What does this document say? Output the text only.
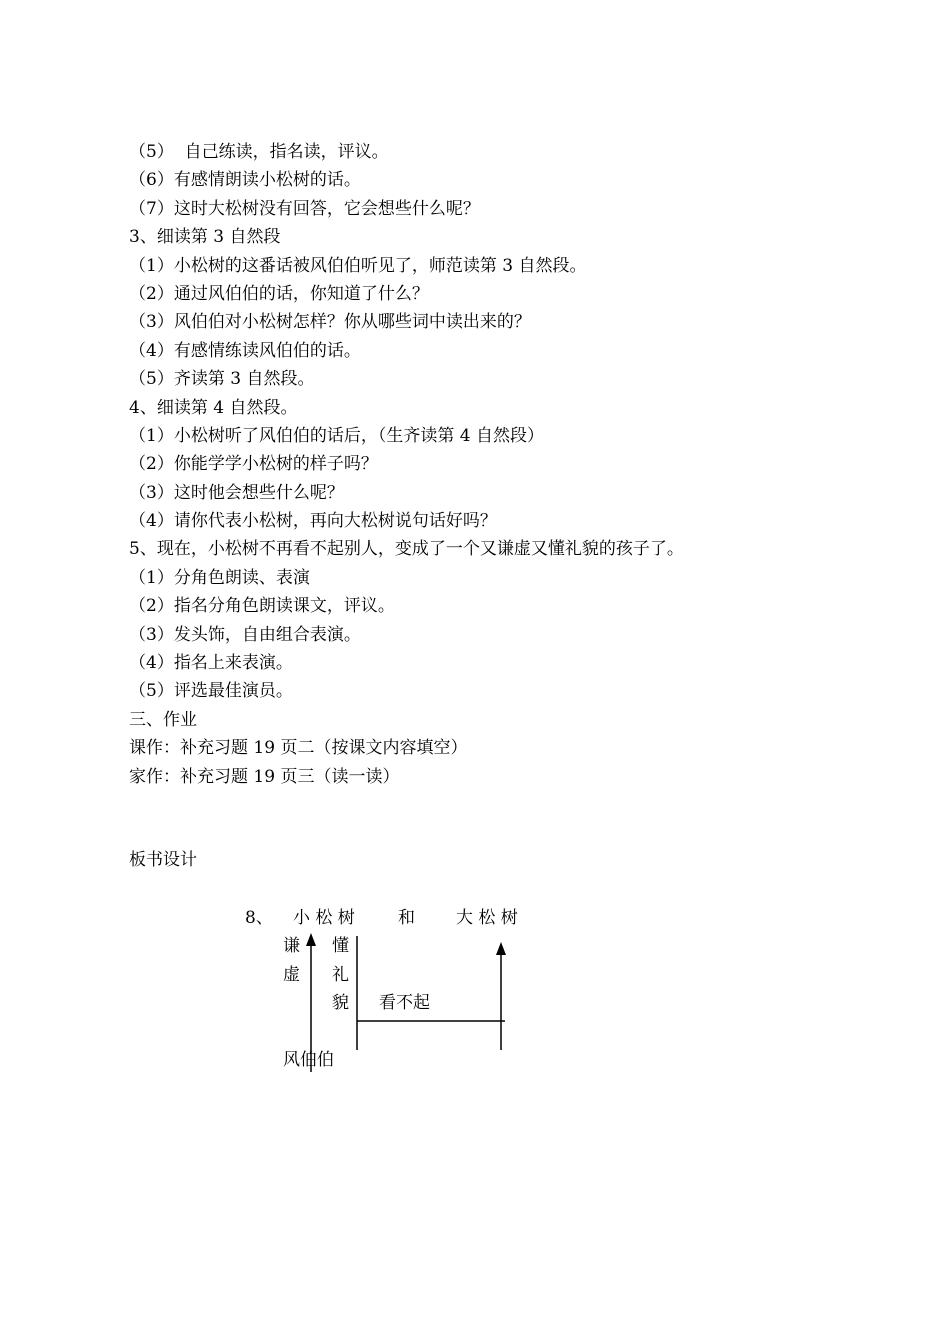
（5）  自己练读，指名读，评议。
（6）有感情朗读小松树的话。
（7）这时大松树没有回答，它会想些什么呢？
3、细读第 3 自然段
（1）小松树的这番话被风伯伯听见了，师范读第 3 自然段。
（2）通过风伯伯的话，你知道了什么？
（3）风伯伯对小松树怎样？你从哪些词中读出来的？
（4）有感情练读风伯伯的话。
（5）齐读第 3 自然段。
4、细读第 4 自然段。
（1）小松树听了风伯伯的话后，（生齐读第 4 自然段）
（2）你能学学小松树的样子吗？
（3）这时他会想些什么呢？
（4）请你代表小松树，再向大松树说句话好吗？
5、现在，小松树不再看不起别人，变成了一个又谦虚又懂礼貌的孩子了。
（1）分角色朗读、表演
（2）指名分角色朗读课文，评议。
（3）发头饰，自由组合表演。
（4）指名上来表演。
（5）评选最佳演员。
三、作业
课作：补充习题 19 页二（按课文内容填空）
家作：补充习题 19 页三（读一读）
板书设计
8、 小 松 树	和 大 松 树
谦
虚
懂
礼
貌 看不起
风伯伯
